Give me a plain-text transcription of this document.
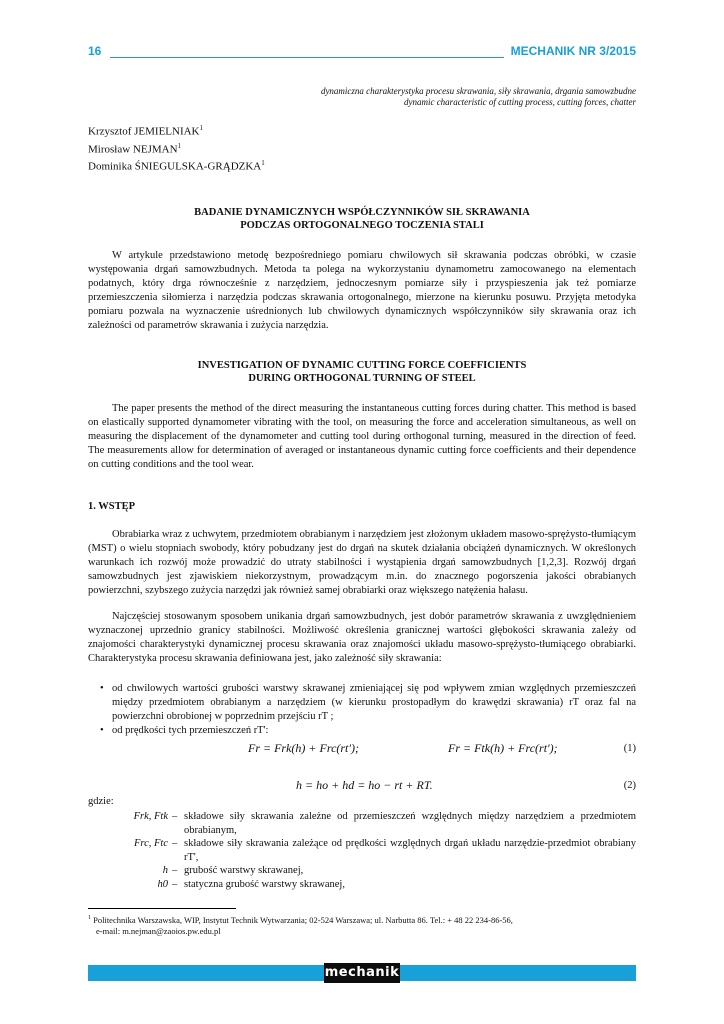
16	MECHANIK NR 3/2015
dynamiczna charakterystyka procesu skrawania, siły skrawania, drgania samowzbudne
dynamic characteristic of cutting process, cutting forces, chatter
Krzysztof JEMIELNIAK$^1$
Mirosław NEJMAN$^1$
Dominika ŚNIEGULSKA-GRĄDZKA$^1$
BADANIE DYNAMICZNYCH WSPÓŁCZYNNIKÓW SIŁ SKRAWANIA
PODCZAS ORTOGONALNEGO TOCZENIA STALI

W artykule przedstawiono metodę bezpośredniego pomiaru chwilowych sił skrawania podczas obróbki, w czasie występowania drgań samowzbudnych. Metoda ta polega na wykorzystaniu dynamometru zamocowanego na elementach podatnych, który drga równocześnie z narzędziem, jednoczesnym pomiarze siły i przyspieszenia jak też pomiarze przemieszczenia siłomierza i narzędzia podczas skrawania ortogonalnego, mierzone na kierunku posuwu. Przyjęta metodyka pomiaru pozwala na wyznaczenie uśrednionych lub chwilowych dynamicznych współczynników siły skrawania oraz ich zależności od parametrów skrawania i zużycia narzędzia.

INVESTIGATION OF DYNAMIC CUTTING FORCE COEFFICIENTS
DURING ORTHOGONAL TURNING OF STEEL

The paper presents the method of the direct measuring the instantaneous cutting forces during chatter. This method is based on elastically supported dynamometer vibrating with the tool, on measuring the force and acceleration simultaneous, as well on measuring the displacement of the dynamometer and cutting tool during orthogonal turning, measured in the direction of feed. The measurements allow for determination of averaged or instantaneous dynamic cutting force coefficients and their dependence on cutting conditions and the tool wear.

1. WSTĘP

Obrabiarka wraz z uchwytem, przedmiotem obrabianym i narzędziem jest złożonym układem masowo-sprężysto-tłumiącym (MST) o wielu stopniach swobody, który pobudzany jest do drgań na skutek działania obciążeń dynamicznych. W określonych warunkach ich rozwój może prowadzić do utraty stabilności i wystąpienia drgań samowzbudnych [1,2,3]. Rozwój drgań samowzbudnych jest zjawiskiem niekorzystnym, prowadzącym m.in. do znacznego pogorszenia jakości obrabianych powierzchni, szybszego zużycia narzędzi jak również samej obrabiarki oraz większego natężenia hałasu.

Najczęściej stosowanym sposobem unikania drgań samowzbudnych, jest dobór parametrów skrawania z uwzględnieniem wyznaczonej uprzednio granicy stabilności. Możliwość określenia granicznej wartości głębokości skrawania zależy od znajomości charakterystyki dynamicznej procesu skrawania oraz znajomości układu masowo-sprężysto-tłumiącego obrabiarki. Charakterystyka procesu skrawania definiowana jest, jako zależność siły skrawania:

• od chwilowych wartości grubości warstwy skrawanej zmieniającej się pod wpływem zmian względnych przemieszczeń między przedmiotem obrabianym a narzędziem (w kierunku prostopadłym do krawędzi skrawania) rT oraz fal na powierzchni obrobionej w poprzednim przejściu rT ;
• od prędkości tych przemieszczeń rT':
Fr = Frk(h) + Frc(rt');	Fr = Ftk(h) + Frc(rt');	(1)
h = ho + hd = ho − rt + RT.	(2)
gdzie:
Frk, Ftk – składowe siły skrawania zależne od przemieszczeń względnych między narzędziem a przedmiotem obrabianym,
Frc, Ftc – składowe siły skrawania zależące od prędkości względnych drgań układu narzędzie-przedmiot obrabiany rT',
h – grubość warstwy skrawanej,
h0 – statyczna grubość warstwy skrawanej,
$^1$ Politechnika Warszawska, WIP, Instytut Technik Wytwarzania; 02-524 Warszawa; ul. Narbutta 86. Tel.: + 48 22 234-86-56,
e-mail: m.nejman@zaoios.pw.edu.pl
mechanik
